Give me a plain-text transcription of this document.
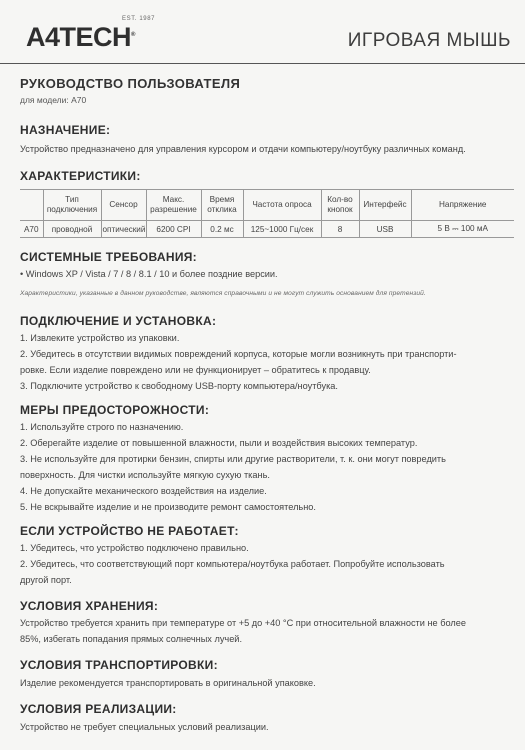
EST. 1987
A4TECH®	ИГРОВАЯ МЫШЬ
РУКОВОДСТВО ПОЛЬЗОВАТЕЛЯ
для модели: A70
НАЗНАЧЕНИЕ:

Устройство предназначено для управления курсором и отдачи компьютеру/ноутбуку различных команд.

ХАРАКТЕРИСТИКИ:
	Тип подключения	Сенсор	Макс. разрешение	Время отклика	Частота опроса	Кол-во кнопок	Интерфейс	Напряжение
A70	проводной	оптический	6200 CPI	0.2 мс	125~1000 Гц/сек	8	USB	5 В ⎓ 100 мА
СИСТЕМНЫЕ ТРЕБОВАНИЯ:

• Windows XP / Vista / 7 / 8 / 8.1 / 10 и более поздние версии.

Характеристики, указанные в данном руководстве, являются справочными и не могут служить основанием для претензий.
ПОДКЛЮЧЕНИЕ И УСТАНОВКА:

1. Извлеките устройство из упаковки.
2. Убедитесь в отсутствии видимых повреждений корпуса, которые могли возникнуть при транспорти-
ровке. Если изделие повреждено или не функционирует – обратитесь к продавцу.
3. Подключите устройство к свободному USB-порту компьютера/ноутбука.

МЕРЫ ПРЕДОСТОРОЖНОСТИ:

1. Используйте строго по назначению.
2. Оберегайте изделие от повышенной влажности, пыли и воздействия высоких температур.
3. Не используйте для протирки бензин, спирты или другие растворители, т. к. они могут повредить
поверхность. Для чистки используйте мягкую сухую ткань.
4. Не допускайте механического воздействия на изделие.
5. Не вскрывайте изделие и не производите ремонт самостоятельно.

ЕСЛИ УСТРОЙСТВО НЕ РАБОТАЕТ:

1. Убедитесь, что устройство подключено правильно.
2. Убедитесь, что соответствующий порт компьютера/ноутбука работает. Попробуйте использовать
другой порт.

УСЛОВИЯ ХРАНЕНИЯ:

Устройство требуется хранить при температуре от +5 до +40 °С при относительной влажности не более
85%, избегать попадания прямых солнечных лучей.

УСЛОВИЯ ТРАНСПОРТИРОВКИ:

Изделие рекомендуется транспортировать в оригинальной упаковке.

УСЛОВИЯ РЕАЛИЗАЦИИ:

Устройство не требует специальных условий реализации.
